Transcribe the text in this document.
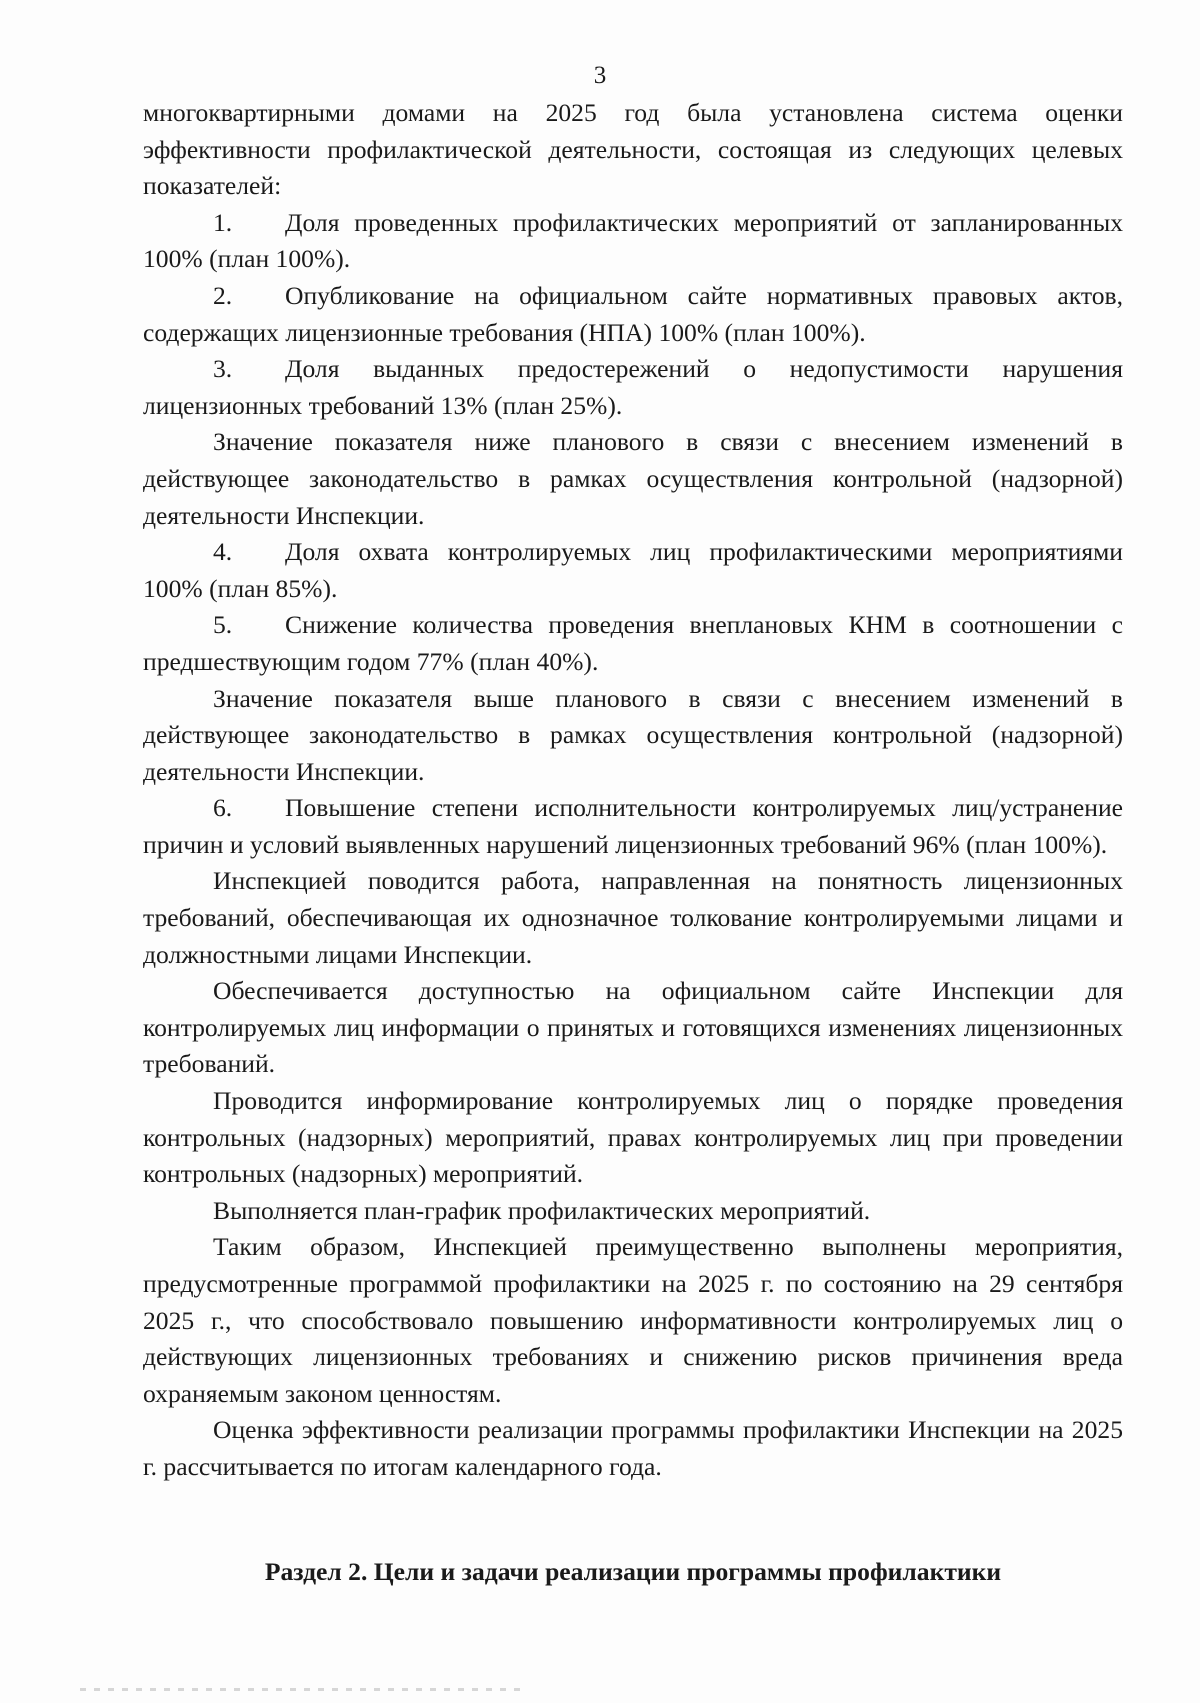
3

многоквартирными домами на 2025 год была установлена система оценки эффективности профилактической деятельности, состоящая из следующих целевых показателей:

1. Доля проведенных профилактических мероприятий от запланированных 100% (план 100%).

2. Опубликование на официальном сайте нормативных правовых актов, содержащих лицензионные требования (НПА) 100% (план 100%).

3. Доля выданных предостережений о недопустимости нарушения лицензионных требований 13% (план 25%).

Значение показателя ниже планового в связи с внесением изменений в действующее законодательство в рамках осуществления контрольной (надзорной) деятельности Инспекции.

4. Доля охвата контролируемых лиц профилактическими мероприятиями 100% (план 85%).

5. Снижение количества проведения внеплановых КНМ в соотношении с предшествующим годом 77% (план 40%).

Значение показателя выше планового в связи с внесением изменений в действующее законодательство в рамках осуществления контрольной (надзорной) деятельности Инспекции.

6. Повышение степени исполнительности контролируемых лиц/устранение причин и условий выявленных нарушений лицензионных требований 96% (план 100%).

Инспекцией поводится работа, направленная на понятность лицензионных требований, обеспечивающая их однозначное толкование контролируемыми лицами и должностными лицами Инспекции.

Обеспечивается доступностью на официальном сайте Инспекции для контролируемых лиц информации о принятых и готовящихся изменениях лицензионных требований.

Проводится информирование контролируемых лиц о порядке проведения контрольных (надзорных) мероприятий, правах контролируемых лиц при проведении контрольных (надзорных) мероприятий.

Выполняется план-график профилактических мероприятий.

Таким образом, Инспекцией преимущественно выполнены мероприятия, предусмотренные программой профилактики на 2025 г. по состоянию на 29 сентября 2025 г., что способствовало повышению информативности контролируемых лиц о действующих лицензионных требованиях и снижению рисков причинения вреда охраняемым законом ценностям.

Оценка эффективности реализации программы профилактики Инспекции на 2025 г. рассчитывается по итогам календарного года.

Раздел 2. Цели и задачи реализации программы профилактики
